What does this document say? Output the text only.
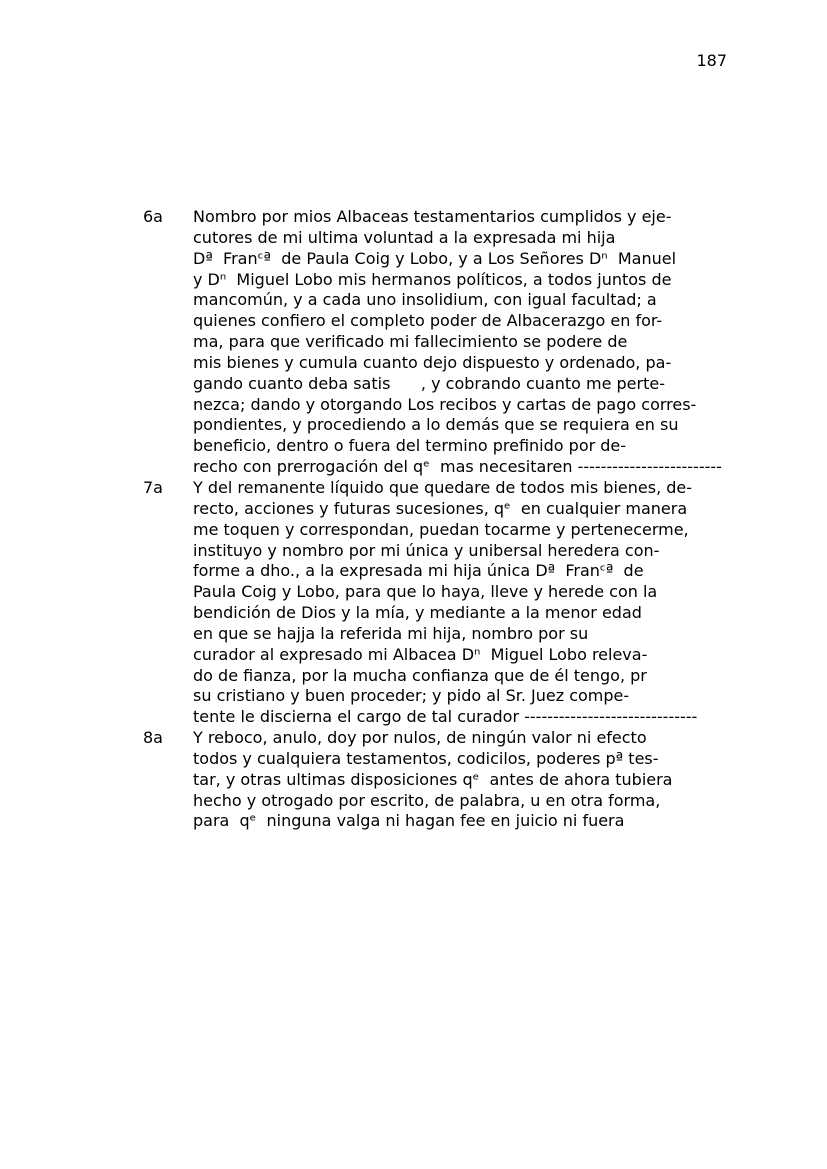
187
6a Nombro por mios Albaceas testamentarios cumplidos y eje-
cutores de mi ultima voluntad a la expresada mi hija
Dª  Franᶜª  de Paula Coig y Lobo, y a Los Señores Dⁿ  Manuel
y Dⁿ  Miguel Lobo mis hermanos políticos, a todos juntos de
mancomún, y a cada uno insolidium, con igual facultad; a
quienes confiero el completo poder de Albacerazgo en for-
ma, para que verificado mi fallecimiento se podere de
mis bienes y cumula cuanto dejo dispuesto y ordenado, pa-
gando cuanto deba satis      , y cobrando cuanto me perte-
nezca; dando y otorgando Los recibos y cartas de pago corres-
pondientes, y procediendo a lo demás que se requiera en su
beneficio, dentro o fuera del termino prefinido por de-
recho con prerrogación del qᵉ  mas necesitaren -------------------------
7a Y del remanente líquido que quedare de todos mis bienes, de-
recto, acciones y futuras sucesiones, qᵉ  en cualquier manera
me toquen y correspondan, puedan tocarme y pertenecerme,
instituyo y nombro por mi única y unibersal heredera con-
forme a dho., a la expresada mi hija única Dª  Franᶜª  de
Paula Coig y Lobo, para que lo haya, lleve y herede con la
bendición de Dios y la mía, y mediante a la menor edad
en que se hajja la referida mi hija, nombro por su
curador al expresado mi Albacea Dⁿ  Miguel Lobo releva-
do de fianza, por la mucha confianza que de él tengo, pr
su cristiano y buen proceder; y pido al Sr. Juez compe-
tente le discierna el cargo de tal curador ------------------------------
8a Y reboco, anulo, doy por nulos, de ningún valor ni efecto
todos y cualquiera testamentos, codicilos, poderes pª tes-
tar, y otras ultimas disposiciones qᵉ  antes de ahora tubiera
hecho y otrogado por escrito, de palabra, u en otra forma,
para  qᵉ  ninguna valga ni hagan fee en juicio ni fuera
